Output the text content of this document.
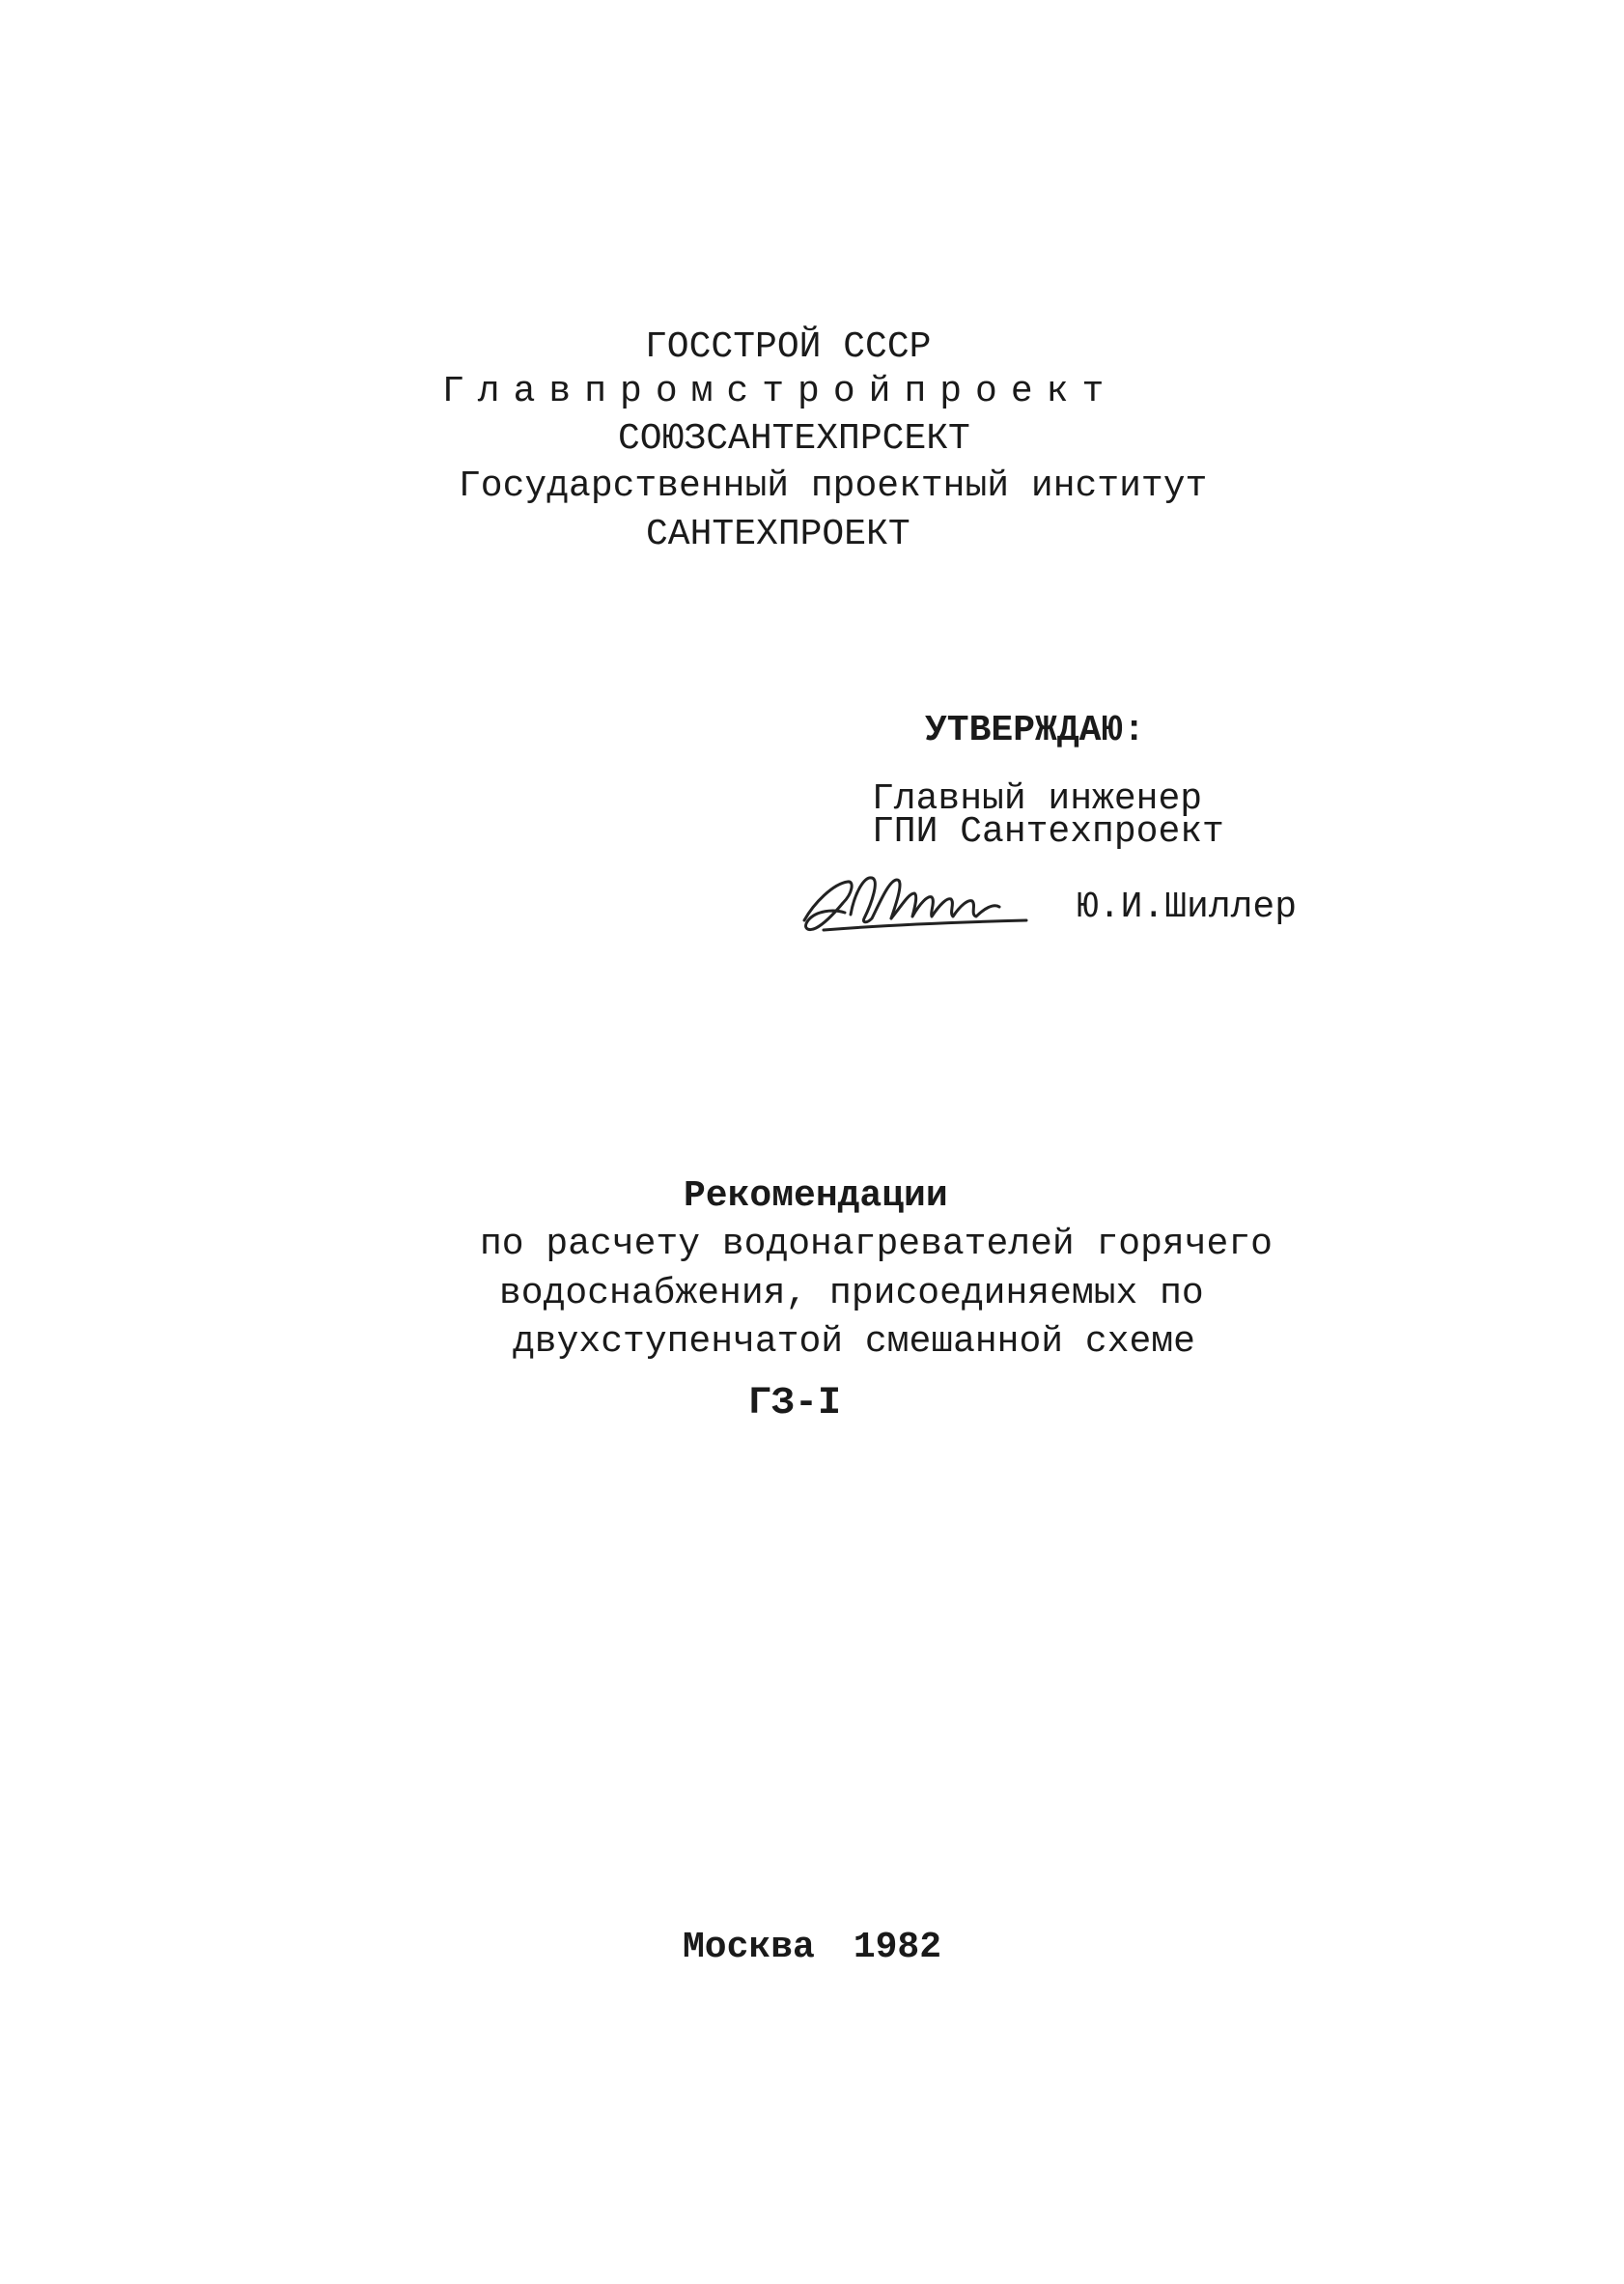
ГОССТРОЙ СССР
Главпромстройпроект
СОЮЗСАНТЕХПРСЕКТ
Государственный проектный институт
САНТЕХПРОЕКТ
УТВЕРЖДАЮ:
Главный инженер
ГПИ Сантехпроект
Ю.И.Шиллер
Рекомендации
по расчету водонагревателей горячего
водоснабжения, присоединяемых по
двухступенчатой смешанной схеме
ГЗ-I
Москва 1982
